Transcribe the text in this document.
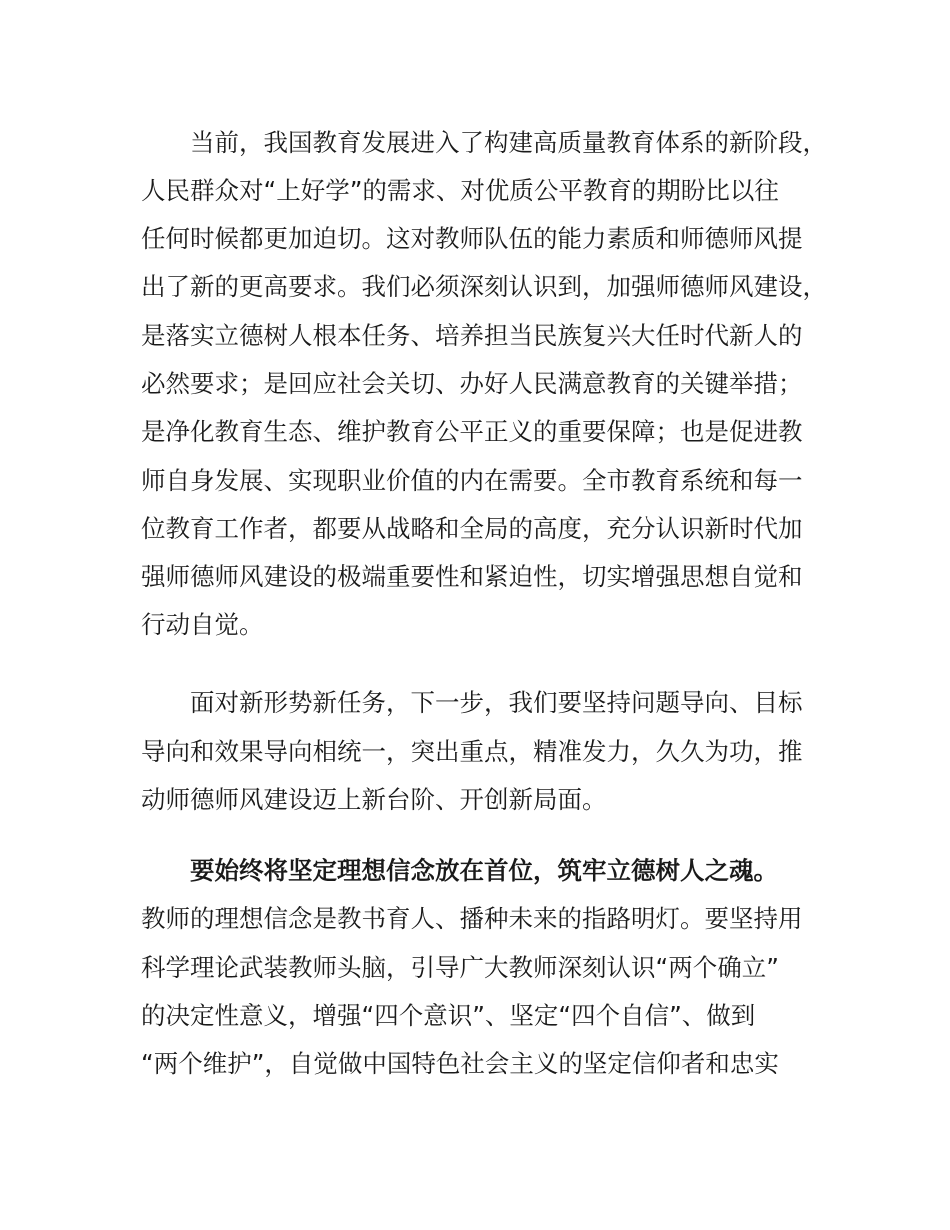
当前，我国教育发展进入了构建高质量教育体系的新阶段，
人民群众对“上好学”的需求、对优质公平教育的期盼比以往
任何时候都更加迫切。这对教师队伍的能力素质和师德师风提
出了新的更高要求。我们必须深刻认识到，加强师德师风建设，
是落实立德树人根本任务、培养担当民族复兴大任时代新人的
必然要求；是回应社会关切、办好人民满意教育的关键举措；
是净化教育生态、维护教育公平正义的重要保障；也是促进教
师自身发展、实现职业价值的内在需要。全市教育系统和每一
位教育工作者，都要从战略和全局的高度，充分认识新时代加
强师德师风建设的极端重要性和紧迫性，切实增强思想自觉和
行动自觉。
面对新形势新任务，下一步，我们要坚持问题导向、目标
导向和效果导向相统一，突出重点，精准发力，久久为功，推
动师德师风建设迈上新台阶、开创新局面。
要始终将坚定理想信念放在首位，筑牢立德树人之魂。
教师的理想信念是教书育人、播种未来的指路明灯。要坚持用
科学理论武装教师头脑，引导广大教师深刻认识“两个确立”
的决定性意义，增强“四个意识”、坚定“四个自信”、做到
“两个维护”，自觉做中国特色社会主义的坚定信仰者和忠实
